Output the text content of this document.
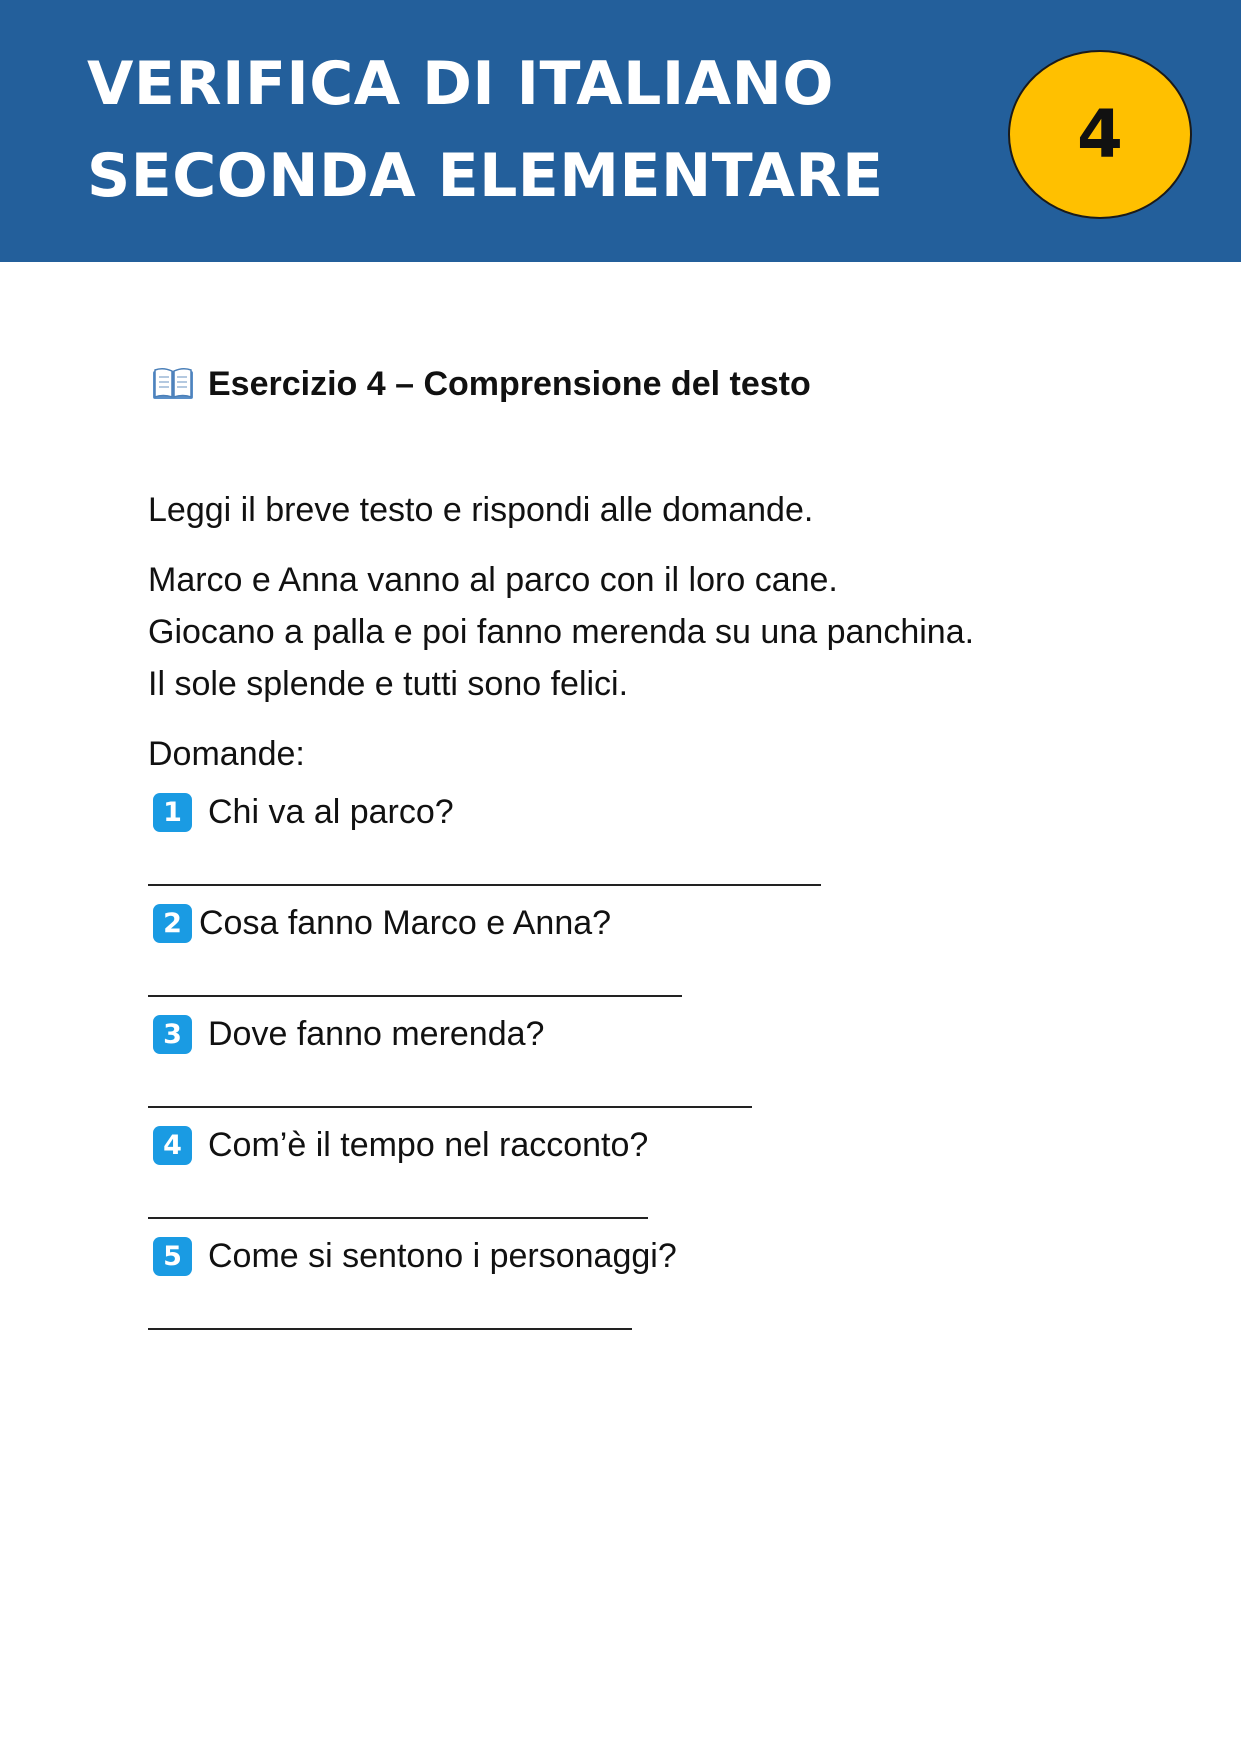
VERIFICA DI ITALIANO
SECONDA ELEMENTARE
4
Esercizio 4 – Comprensione del testo
Leggi il breve testo e rispondi alle domande.
Marco e Anna vanno al parco con il loro cane.
Giocano a palla e poi fanno merenda su una panchina.
Il sole splende e tutti sono felici.
Domande:
1 Chi va al parco?
2 Cosa fanno Marco e Anna?
3 Dove fanno merenda?
4 Com’è il tempo nel racconto?
5 Come si sentono i personaggi?
